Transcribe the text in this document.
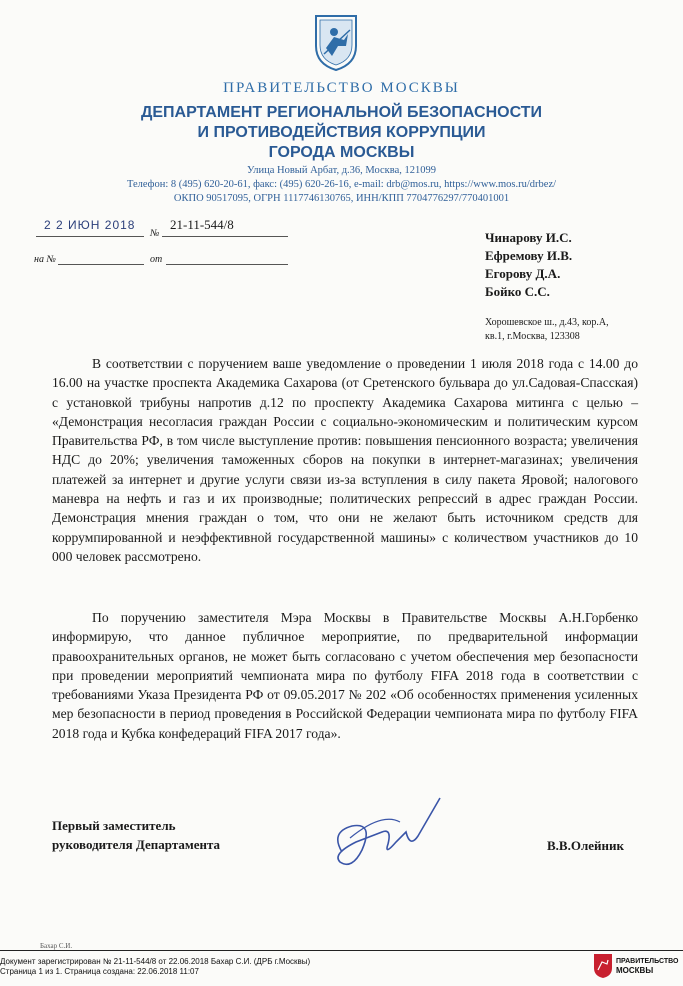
ПРАВИТЕЛЬСТВО МОСКВЫ
ДЕПАРТАМЕНТ РЕГИОНАЛЬНОЙ БЕЗОПАСНОСТИ
И ПРОТИВОДЕЙСТВИЯ КОРРУПЦИИ
ГОРОДА МОСКВЫ
Улица Новый Арбат, д.36, Москва, 121099
Телефон: 8 (495) 620-20-61, факс: (495) 620-26-16, e-mail: drb@mos.ru, https://www.mos.ru/drbez/
ОКПО 90517095, ОГРН 1117746130765, ИНН/КПП 7704776297/770401001
2 2 ИЮН 2018
№
21-11-544/8
на №	от
Чинарову И.С.
Ефремову И.В.
Егорову Д.А.
Бойко С.С.
Хорошевское ш., д.43, кор.А,
кв.1, г.Москва, 123308
В соответствии с поручением ваше уведомление о проведении 1 июля 2018 года с 14.00 до 16.00 на участке проспекта Академика Сахарова (от Сретенского бульвара до ул.Садовая-Спасская) с установкой трибуны напротив д.12 по проспекту Академика Сахарова митинга с целью – «Демонстрация несогласия граждан России с социально-экономическим и политическим курсом Правительства РФ, в том числе выступление против: повышения пенсионного возраста; увеличения НДС до 20%; увеличения таможенных сборов на покупки в интернет-магазинах; увеличения платежей за интернет и другие услуги связи из-за вступления в силу пакета Яровой; налогового маневра на нефть и газ и их производные; политических репрессий в адрес граждан России. Демонстрация мнения граждан о том, что они не желают быть источником средств для коррумпированной и неэффективной государственной машины» с количеством участников до 10 000 человек рассмотрено.
По поручению заместителя Мэра Москвы в Правительстве Москвы А.Н.Горбенко информирую, что данное публичное мероприятие, по предварительной информации правоохранительных органов, не может быть согласовано с учетом обеспечения мер безопасности при проведении мероприятий чемпионата мира по футболу FIFA 2018 года в соответствии с требованиями Указа Президента РФ от 09.05.2017 № 202 «Об особенностях применения усиленных мер безопасности в период проведения в Российской Федерации чемпионата мира по футболу FIFA 2018 года и Кубка конфедераций FIFA 2017 года».
Первый заместитель
руководителя Департамента	В.В.Олейник
Бахар С.И.
Документ зарегистрирован № 21-11-544/8 от 22.06.2018 Бахар С.И. (ДРБ г.Москвы)
Страница 1 из 1. Страница создана: 22.06.2018 11:07
ПРАВИТЕЛЬСТВО
МОСКВЫ
